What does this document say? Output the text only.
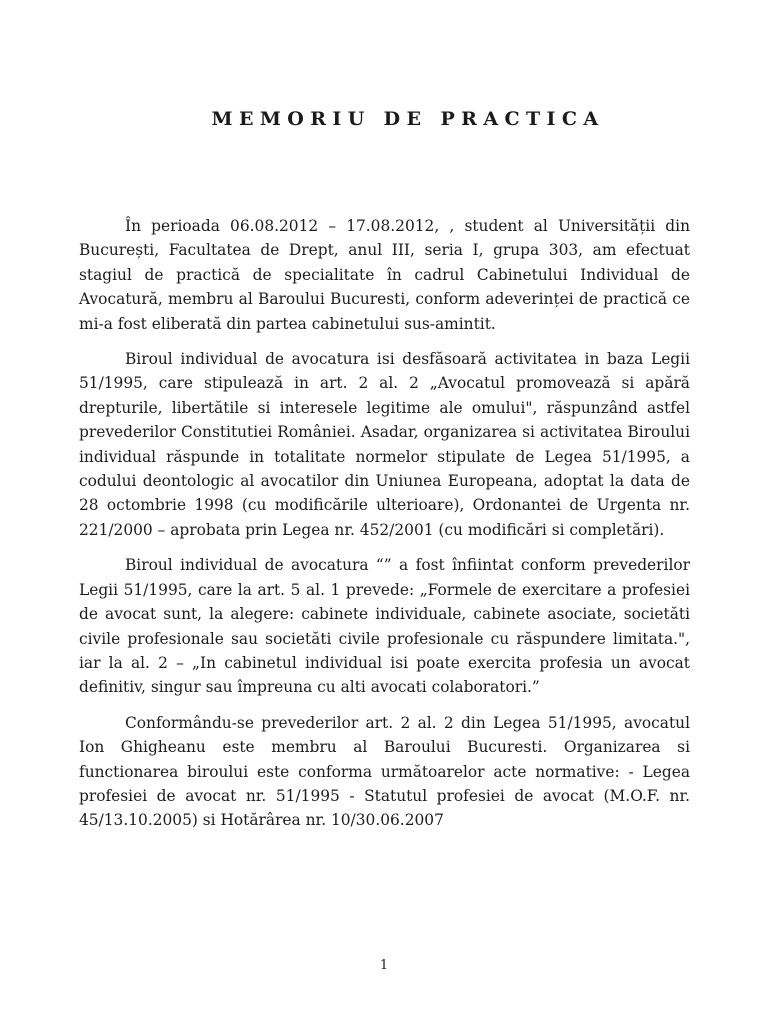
MEMORIU DE PRACTICA

În perioada 06.08.2012 – 17.08.2012, , student al Universității din București, Facultatea de Drept, anul III, seria I, grupa 303, am efectuat stagiul de practică de specialitate în cadrul Cabinetului Individual de Avocatură, membru al Baroului Bucuresti, conform adeverinței de practică ce mi-a fost eliberată din partea cabinetului sus-amintit.

Biroul individual de avocatura isi desfăsoară activitatea in baza Legii 51/1995, care stipulează in art. 2 al. 2 „Avocatul promovează si apără drepturile, libertătile si interesele legitime ale omului", răspunzând astfel prevederilor Constitutiei României. Asadar, organizarea si activitatea Biroului individual răspunde in totalitate normelor stipulate de Legea 51/1995, a codului deontologic al avocatilor din Uniunea Europeana, adoptat la data de 28 octombrie 1998 (cu modificările ulterioare), Ordonantei de Urgenta nr. 221/2000 – aprobata prin Legea nr. 452/2001 (cu modificări si completări).

Biroul individual de avocatura “” a fost înfiintat conform prevederilor Legii 51/1995, care la art. 5 al. 1 prevede: „Formele de exercitare a profesiei de avocat sunt, la alegere: cabinete individuale, cabinete asociate, societăti civile profesionale sau societăti civile profesionale cu răspundere limitata.", iar la al. 2 – „In cabinetul individual isi poate exercita profesia un avocat definitiv, singur sau împreuna cu alti avocati colaboratori.”

Conformându-se prevederilor art. 2 al. 2 din Legea 51/1995, avocatul Ion Ghigheanu este membru al Baroului Bucuresti. Organizarea si functionarea biroului este conforma următoarelor acte normative: - Legea profesiei de avocat nr. 51/1995 - Statutul profesiei de avocat (M.O.F. nr. 45/13.10.2005) si Hotărârea nr. 10/30.06.2007

1
